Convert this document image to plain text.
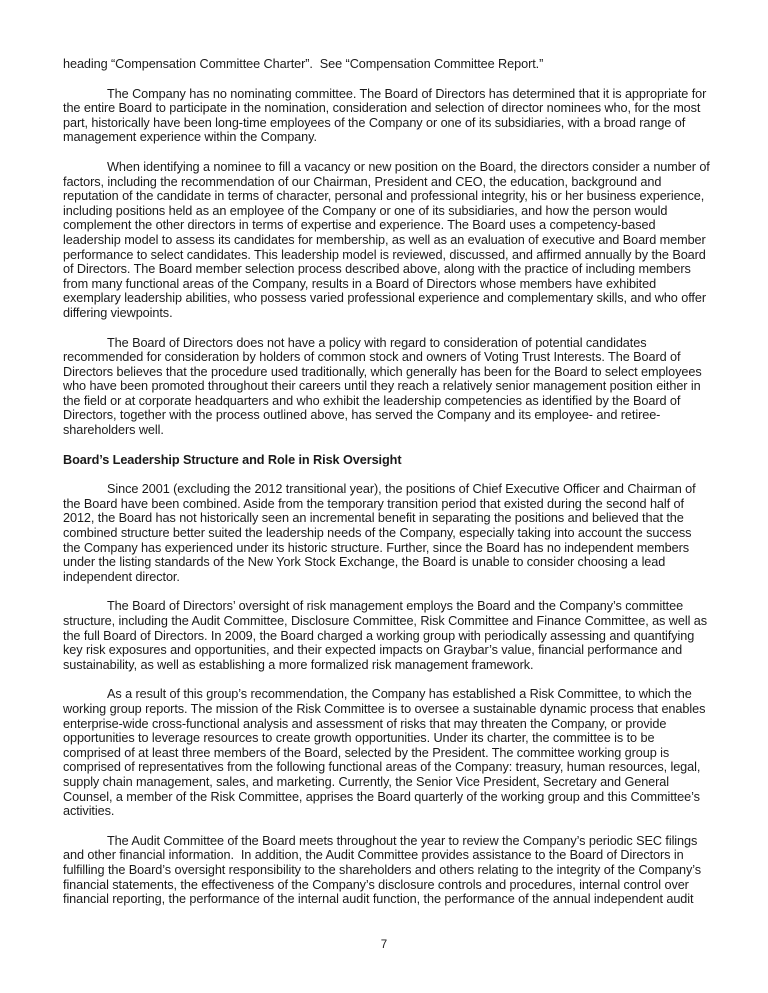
heading “Compensation Committee Charter”.  See “Compensation Committee Report.”

The Company has no nominating committee. The Board of Directors has determined that it is appropriate for the entire Board to participate in the nomination, consideration and selection of director nominees who, for the most part, historically have been long-time employees of the Company or one of its subsidiaries, with a broad range of management experience within the Company.

When identifying a nominee to fill a vacancy or new position on the Board, the directors consider a number of factors, including the recommendation of our Chairman, President and CEO, the education, background and reputation of the candidate in terms of character, personal and professional integrity, his or her business experience, including positions held as an employee of the Company or one of its subsidiaries, and how the person would complement the other directors in terms of expertise and experience. The Board uses a competency-based leadership model to assess its candidates for membership, as well as an evaluation of executive and Board member performance to select candidates. This leadership model is reviewed, discussed, and affirmed annually by the Board of Directors. The Board member selection process described above, along with the practice of including members from many functional areas of the Company, results in a Board of Directors whose members have exhibited exemplary leadership abilities, who possess varied professional experience and complementary skills, and who offer differing viewpoints.

The Board of Directors does not have a policy with regard to consideration of potential candidates recommended for consideration by holders of common stock and owners of Voting Trust Interests. The Board of Directors believes that the procedure used traditionally, which generally has been for the Board to select employees who have been promoted throughout their careers until they reach a relatively senior management position either in the field or at corporate headquarters and who exhibit the leadership competencies as identified by the Board of Directors, together with the process outlined above, has served the Company and its employee- and retiree-shareholders well.

Board’s Leadership Structure and Role in Risk Oversight

Since 2001 (excluding the 2012 transitional year), the positions of Chief Executive Officer and Chairman of the Board have been combined. Aside from the temporary transition period that existed during the second half of 2012, the Board has not historically seen an incremental benefit in separating the positions and believed that the combined structure better suited the leadership needs of the Company, especially taking into account the success the Company has experienced under its historic structure. Further, since the Board has no independent members under the listing standards of the New York Stock Exchange, the Board is unable to consider choosing a lead independent director.

The Board of Directors’ oversight of risk management employs the Board and the Company’s committee structure, including the Audit Committee, Disclosure Committee, Risk Committee and Finance Committee, as well as the full Board of Directors. In 2009, the Board charged a working group with periodically assessing and quantifying key risk exposures and opportunities, and their expected impacts on Graybar’s value, financial performance and sustainability, as well as establishing a more formalized risk management framework.

As a result of this group’s recommendation, the Company has established a Risk Committee, to which the working group reports. The mission of the Risk Committee is to oversee a sustainable dynamic process that enables enterprise-wide cross-functional analysis and assessment of risks that may threaten the Company, or provide opportunities to leverage resources to create growth opportunities. Under its charter, the committee is to be comprised of at least three members of the Board, selected by the President. The committee working group is comprised of representatives from the following functional areas of the Company: treasury, human resources, legal, supply chain management, sales, and marketing. Currently, the Senior Vice President, Secretary and General Counsel, a member of the Risk Committee, apprises the Board quarterly of the working group and this Committee’s activities.

The Audit Committee of the Board meets throughout the year to review the Company’s periodic SEC filings and other financial information.  In addition, the Audit Committee provides assistance to the Board of Directors in fulfilling the Board’s oversight responsibility to the shareholders and others relating to the integrity of the Company’s financial statements, the effectiveness of the Company’s disclosure controls and procedures, internal control over financial reporting, the performance of the internal audit function, the performance of the annual independent audit

7
